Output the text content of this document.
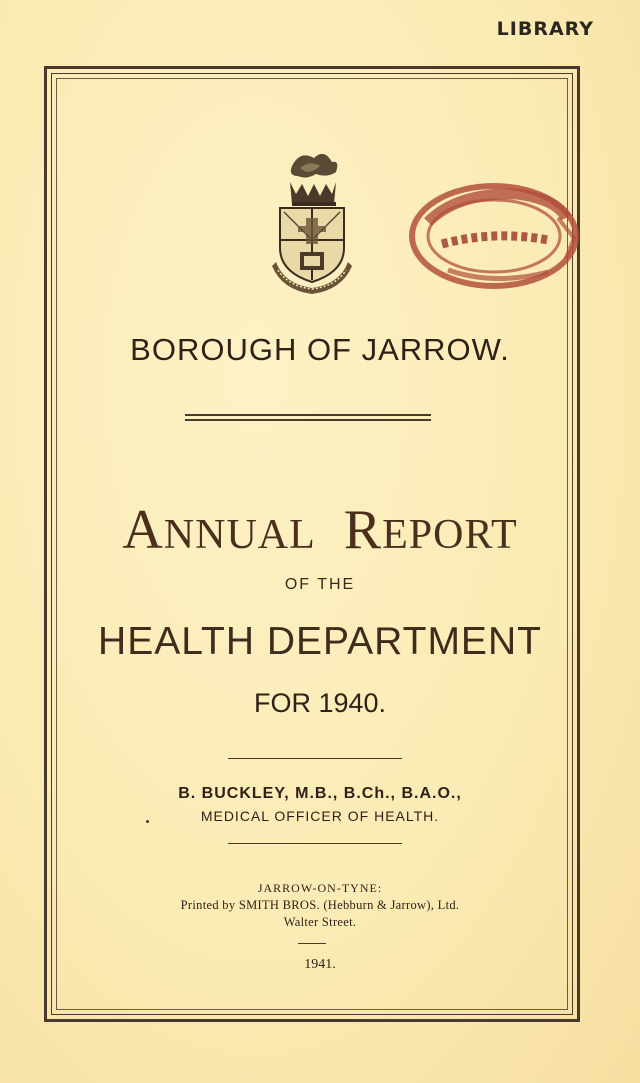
LIBRARY
BOROUGH OF JARROW.
ANNUAL REPORT
OF THE
HEALTH DEPARTMENT
FOR 1940.
B. BUCKLEY, M.B., B.Ch., B.A.O.,
MEDICAL OFFICER OF HEALTH.
JARROW-ON-TYNE:
Printed by SMITH BROS. (Hebburn & Jarrow), Ltd.
Walter Street.
1941.
